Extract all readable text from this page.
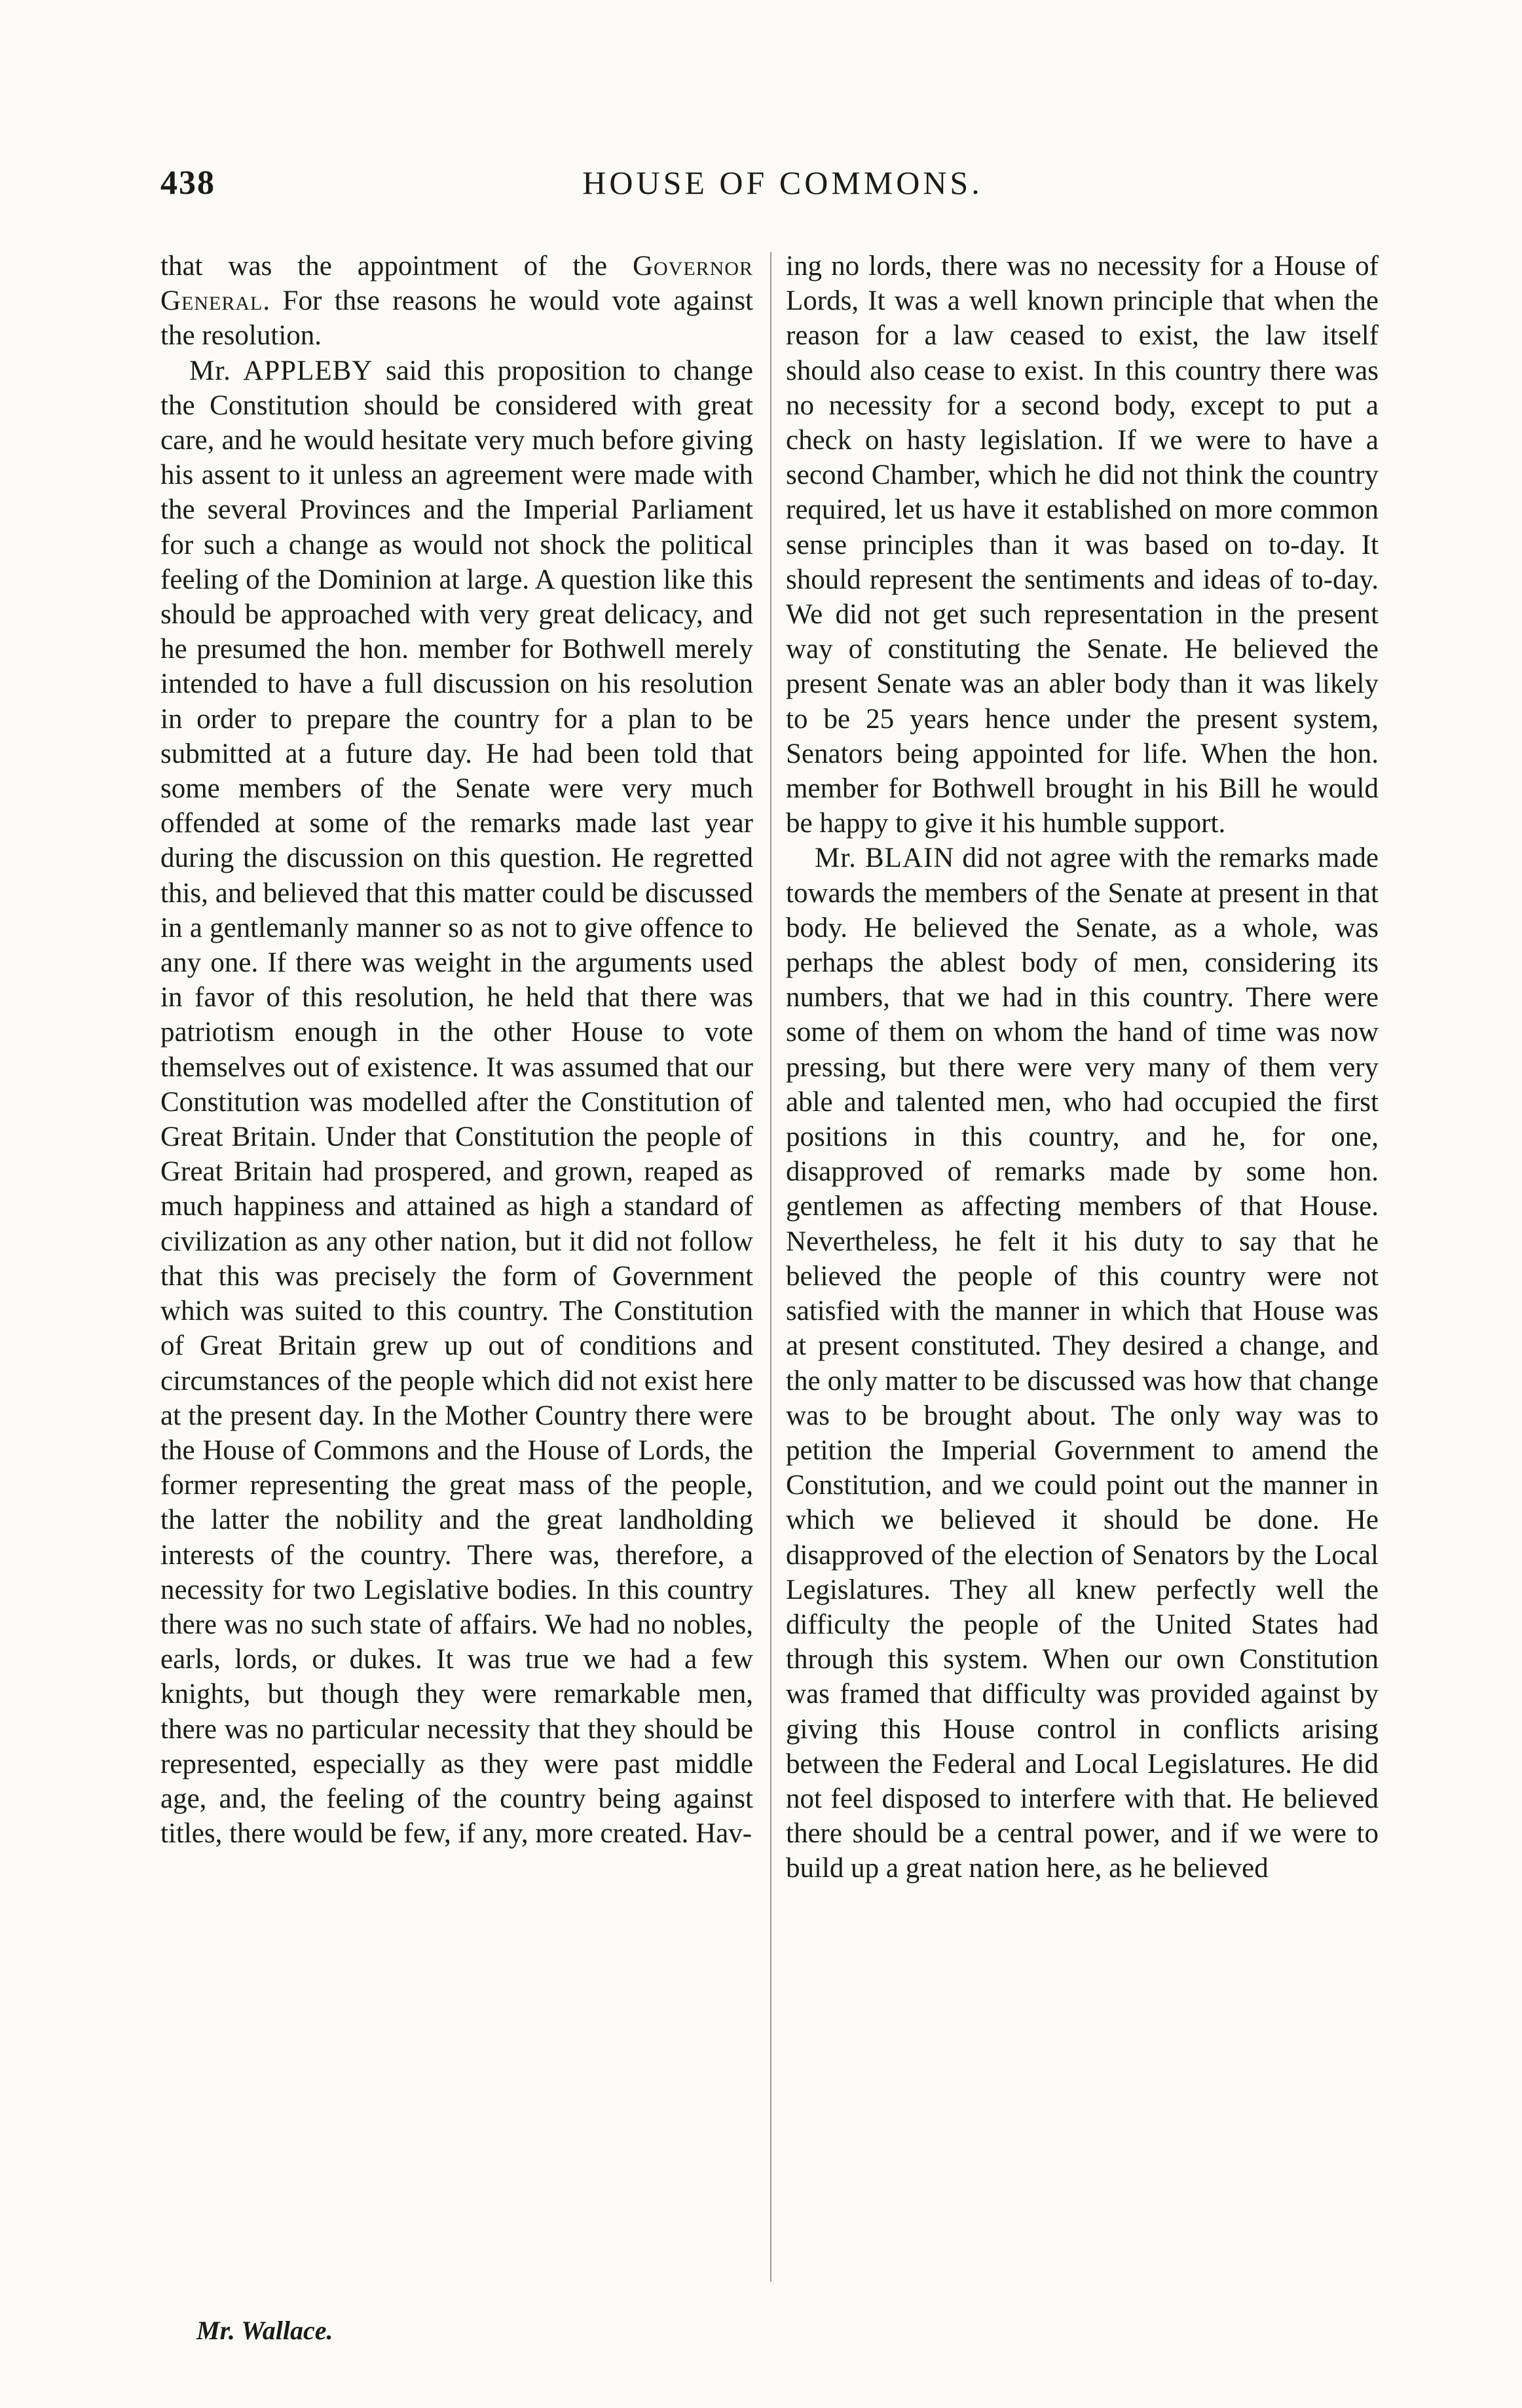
438	HOUSE OF COMMONS.

that was the appointment of the Governor General. For thse reasons he would vote against the resolution.

Mr. APPLEBY said this proposition to change the Constitution should be considered with great care, and he would hesitate very much before giving his assent to it unless an agreement were made with the several Provinces and the Imperial Parliament for such a change as would not shock the political feeling of the Dominion at large. A question like this should be approached with very great delicacy, and he presumed the hon. member for Bothwell merely intended to have a full discussion on his resolution in order to prepare the country for a plan to be submitted at a future day. He had been told that some members of the Senate were very much offended at some of the remarks made last year during the discussion on this question. He regretted this, and believed that this matter could be discussed in a gentlemanly manner so as not to give offence to any one. If there was weight in the arguments used in favor of this resolution, he held that there was patriotism enough in the other House to vote themselves out of existence. It was assumed that our Constitution was modelled after the Constitution of Great Britain. Under that Constitution the people of Great Britain had prospered, and grown, reaped as much happiness and attained as high a standard of civilization as any other nation, but it did not follow that this was precisely the form of Government which was suited to this country. The Constitution of Great Britain grew up out of conditions and circumstances of the people which did not exist here at the present day. In the Mother Country there were the House of Commons and the House of Lords, the former representing the great mass of the people, the latter the nobility and the great landholding interests of the country. There was, therefore, a necessity for two Legislative bodies. In this country there was no such state of affairs. We had no nobles, earls, lords, or dukes. It was true we had a few knights, but though they were remarkable men, there was no particular necessity that they should be represented, especially as they were past middle age, and, the feeling of the country being against titles, there would be few, if any, more created. Hav-

ing no lords, there was no necessity for a House of Lords, It was a well known principle that when the reason for a law ceased to exist, the law itself should also cease to exist. In this country there was no necessity for a second body, except to put a check on hasty legislation. If we were to have a second Chamber, which he did not think the country required, let us have it established on more common sense principles than it was based on to-day. It should represent the sentiments and ideas of to-day. We did not get such representation in the present way of constituting the Senate. He believed the present Senate was an abler body than it was likely to be 25 years hence under the present system, Senators being appointed for life. When the hon. member for Bothwell brought in his Bill he would be happy to give it his humble support.

Mr. BLAIN did not agree with the remarks made towards the members of the Senate at present in that body. He believed the Senate, as a whole, was perhaps the ablest body of men, considering its numbers, that we had in this country. There were some of them on whom the hand of time was now pressing, but there were very many of them very able and talented men, who had occupied the first positions in this country, and he, for one, disapproved of remarks made by some hon. gentlemen as affecting members of that House. Nevertheless, he felt it his duty to say that he believed the people of this country were not satisfied with the manner in which that House was at present constituted. They desired a change, and the only matter to be discussed was how that change was to be brought about. The only way was to petition the Imperial Government to amend the Constitution, and we could point out the manner in which we believed it should be done. He disapproved of the election of Senators by the Local Legislatures. They all knew perfectly well the difficulty the people of the United States had through this system. When our own Constitution was framed that difficulty was provided against by giving this House control in conflicts arising between the Federal and Local Legislatures. He did not feel disposed to interfere with that. He believed there should be a central power, and if we were to build up a great nation here, as he believed

Mr. Wallace.
